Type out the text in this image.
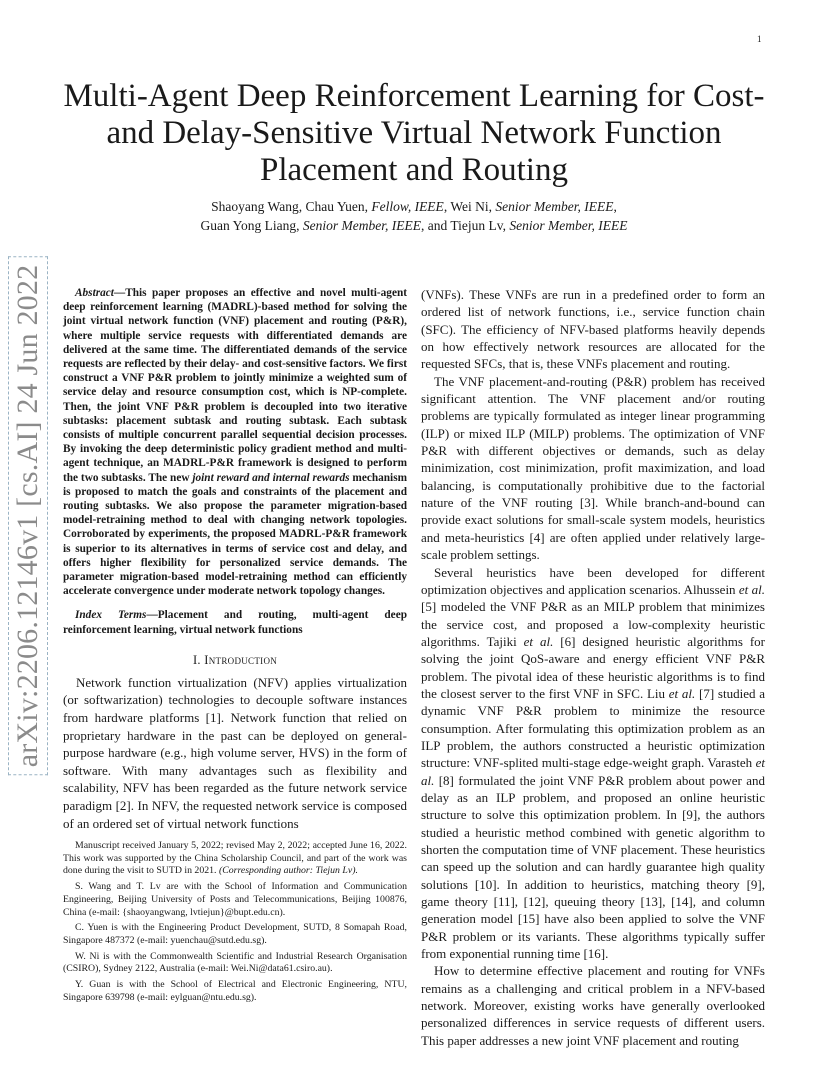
1
arXiv:2206.12146v1 [cs.AI] 24 Jun 2022
Multi-Agent Deep Reinforcement Learning for Cost- and Delay-Sensitive Virtual Network Function Placement and Routing
Shaoyang Wang, Chau Yuen, Fellow, IEEE, Wei Ni, Senior Member, IEEE,
Guan Yong Liang, Senior Member, IEEE, and Tiejun Lv, Senior Member, IEEE

Abstract—This paper proposes an effective and novel multi-agent deep reinforcement learning (MADRL)-based method for solving the joint virtual network function (VNF) placement and routing (P&R), where multiple service requests with differentiated demands are delivered at the same time. The differentiated demands of the service requests are reflected by their delay- and cost-sensitive factors. We first construct a VNF P&R problem to jointly minimize a weighted sum of service delay and resource consumption cost, which is NP-complete. Then, the joint VNF P&R problem is decoupled into two iterative subtasks: placement subtask and routing subtask. Each subtask consists of multiple concurrent parallel sequential decision processes. By invoking the deep deterministic policy gradient method and multi-agent technique, an MADRL-P&R framework is designed to perform the two subtasks. The new joint reward and internal rewards mechanism is proposed to match the goals and constraints of the placement and routing subtasks. We also propose the parameter migration-based model-retraining method to deal with changing network topologies. Corroborated by experiments, the proposed MADRL-P&R framework is superior to its alternatives in terms of service cost and delay, and offers higher flexibility for personalized service demands. The parameter migration-based model-retraining method can efficiently accelerate convergence under moderate network topology changes.

Index Terms—Placement and routing, multi-agent deep reinforcement learning, virtual network functions

I. Introduction

Network function virtualization (NFV) applies virtualization (or softwarization) technologies to decouple software instances from hardware platforms [1]. Network function that relied on proprietary hardware in the past can be deployed on general-purpose hardware (e.g., high volume server, HVS) in the form of software. With many advantages such as flexibility and scalability, NFV has been regarded as the future network service paradigm [2]. In NFV, the requested network service is composed of an ordered set of virtual network functions

Manuscript received January 5, 2022; revised May 2, 2022; accepted June 16, 2022. This work was supported by the China Scholarship Council, and part of the work was done during the visit to SUTD in 2021. (Corresponding author: Tiejun Lv).

S. Wang and T. Lv are with the School of Information and Communication Engineering, Beijing University of Posts and Telecommunications, Beijing 100876, China (e-mail: {shaoyangwang, lvtiejun}@bupt.edu.cn).

C. Yuen is with the Engineering Product Development, SUTD, 8 Somapah Road, Singapore 487372 (e-mail: yuenchau@sutd.edu.sg).

W. Ni is with the Commonwealth Scientific and Industrial Research Organisation (CSIRO), Sydney 2122, Australia (e-mail: Wei.Ni@data61.csiro.au).

Y. Guan is with the School of Electrical and Electronic Engineering, NTU, Singapore 639798 (e-mail: eylguan@ntu.edu.sg).

(VNFs). These VNFs are run in a predefined order to form an ordered list of network functions, i.e., service function chain (SFC). The efficiency of NFV-based platforms heavily depends on how effectively network resources are allocated for the requested SFCs, that is, these VNFs placement and routing.

The VNF placement-and-routing (P&R) problem has received significant attention. The VNF placement and/or routing problems are typically formulated as integer linear programming (ILP) or mixed ILP (MILP) problems. The optimization of VNF P&R with different objectives or demands, such as delay minimization, cost minimization, profit maximization, and load balancing, is computationally prohibitive due to the factorial nature of the VNF routing [3]. While branch-and-bound can provide exact solutions for small-scale system models, heuristics and meta-heuristics [4] are often applied under relatively large-scale problem settings.

Several heuristics have been developed for different optimization objectives and application scenarios. Alhussein et al. [5] modeled the VNF P&R as an MILP problem that minimizes the service cost, and proposed a low-complexity heuristic algorithms. Tajiki et al. [6] designed heuristic algorithms for solving the joint QoS-aware and energy efficient VNF P&R problem. The pivotal idea of these heuristic algorithms is to find the closest server to the first VNF in SFC. Liu et al. [7] studied a dynamic VNF P&R problem to minimize the resource consumption. After formulating this optimization problem as an ILP problem, the authors constructed a heuristic optimization structure: VNF-splited multi-stage edge-weight graph. Varasteh et al. [8] formulated the joint VNF P&R problem about power and delay as an ILP problem, and proposed an online heuristic structure to solve this optimization problem. In [9], the authors studied a heuristic method combined with genetic algorithm to shorten the computation time of VNF placement. These heuristics can speed up the solution and can hardly guarantee high quality solutions [10]. In addition to heuristics, matching theory [9], game theory [11], [12], queuing theory [13], [14], and column generation model [15] have also been applied to solve the VNF P&R problem or its variants. These algorithms typically suffer from exponential running time [16].

How to determine effective placement and routing for VNFs remains as a challenging and critical problem in a NFV-based network. Moreover, existing works have generally overlooked personalized differences in service requests of different users. This paper addresses a new joint VNF placement and routing
